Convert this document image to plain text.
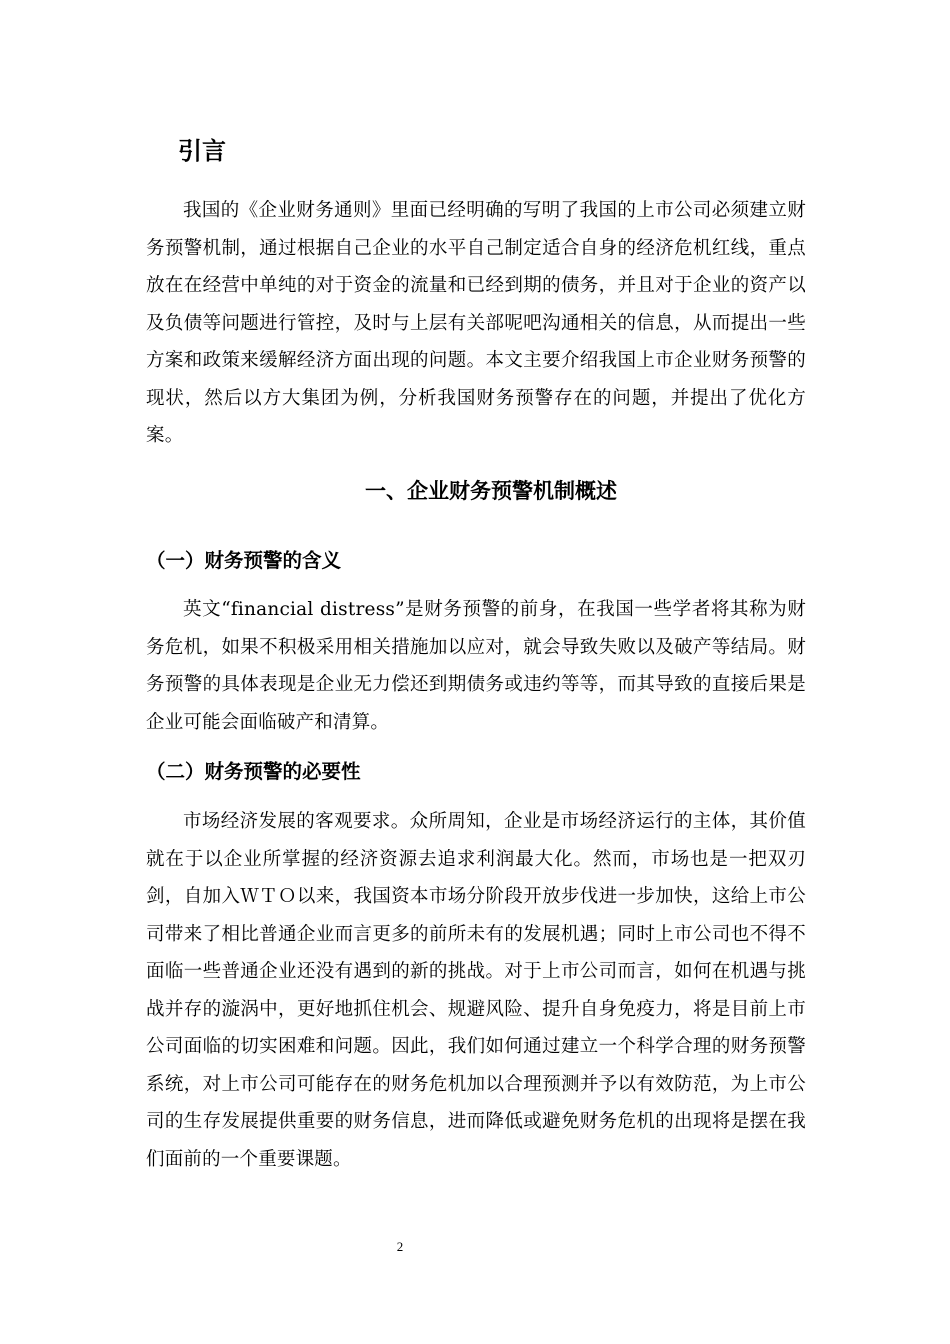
引言

我国的《企业财务通则》里面已经明确的写明了我国的上市公司必须建立财务预警机制，通过根据自己企业的水平自己制定适合自身的经济危机红线，重点放在在经营中单纯的对于资金的流量和已经到期的债务，并且对于企业的资产以及负债等问题进行管控，及时与上层有关部呢吧沟通相关的信息，从而提出一些方案和政策来缓解经济方面出现的问题。本文主要介绍我国上市企业财务预警的现状，然后以方大集团为例，分析我国财务预警存在的问题，并提出了优化方案。

一、企业财务预警机制概述
（一）财务预警的含义

英文“financial distress”是财务预警的前身，在我国一些学者将其称为财务危机，如果不积极采用相关措施加以应对，就会导致失败以及破产等结局。财务预警的具体表现是企业无力偿还到期债务或违约等等，而其导致的直接后果是企业可能会面临破产和清算。

（二）财务预警的必要性

市场经济发展的客观要求。众所周知，企业是市场经济运行的主体，其价值就在于以企业所掌握的经济资源去追求利润最大化。然而，市场也是一把双刃剑，自加入ＷＴＯ以来，我国资本市场分阶段开放步伐进一步加快，这给上市公司带来了相比普通企业而言更多的前所未有的发展机遇；同时上市公司也不得不面临一些普通企业还没有遇到的新的挑战。对于上市公司而言，如何在机遇与挑战并存的漩涡中，更好地抓住机会、规避风险、提升自身免疫力，将是目前上市公司面临的切实困难和问题。因此，我们如何通过建立一个科学合理的财务预警系统，对上市公司可能存在的财务危机加以合理预测并予以有效防范，为上市公司的生存发展提供重要的财务信息，进而降低或避免财务危机的出现将是摆在我们面前的一个重要课题。

2
